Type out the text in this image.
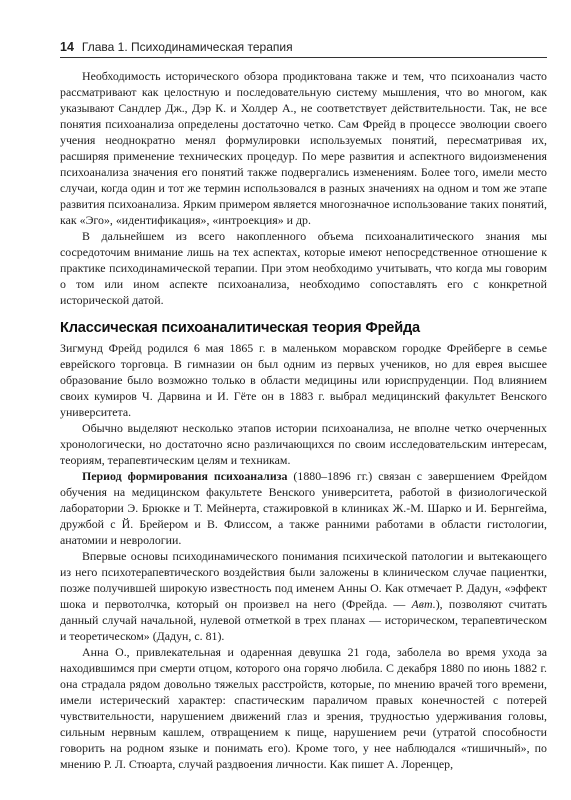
14 Глава 1. Психодинамическая терапия

Необходимость исторического обзора продиктована также и тем, что психоанализ часто рассматривают как целостную и последовательную систему мышления, что во многом, как указывают Сандлер Дж., Дэр К. и Холдер А., не соответствует действительности. Так, не все понятия психоанализа определены достаточно четко. Сам Фрейд в процессе эволюции своего учения неоднократно менял формулировки используемых понятий, пересматривая их, расширяя применение технических процедур. По мере развития и аспектного видоизменения психоанализа значения его понятий также подвергались изменениям. Более того, имели место случаи, когда один и тот же термин использовался в разных значениях на одном и том же этапе развития психоанализа. Ярким примером является многозначное использование таких понятий, как «Эго», «идентификация», «интроекция» и др.

В дальнейшем из всего накопленного объема психоаналитического знания мы сосредоточим внимание лишь на тех аспектах, которые имеют непосредственное отношение к практике психодинамической терапии. При этом необходимо учитывать, что когда мы говорим о том или ином аспекте психоанализа, необходимо сопоставлять его с конкретной исторической датой.

Классическая психоаналитическая теория Фрейда

Зигмунд Фрейд родился 6 мая 1865 г. в маленьком моравском городке Фрейберге в семье еврейского торговца. В гимназии он был одним из первых учеников, но для еврея высшее образование было возможно только в области медицины или юриспруденции. Под влиянием своих кумиров Ч. Дарвина и И. Гёте он в 1883 г. выбрал медицинский факультет Венского университета.

Обычно выделяют несколько этапов истории психоанализа, не вполне четко очерченных хронологически, но достаточно ясно различающихся по своим исследовательским интересам, теориям, терапевтическим целям и техникам.

Период формирования психоанализа (1880–1896 гг.) связан с завершением Фрейдом обучения на медицинском факультете Венского университета, работой в физиологической лаборатории Э. Брюкке и Т. Мейнерта, стажировкой в клиниках Ж.-М. Шарко и И. Бернгейма, дружбой с Й. Брейером и В. Флиссом, а также ранними работами в области гистологии, анатомии и неврологии.

Впервые основы психодинамического понимания психической патологии и вытекающего из него психотерапевтического воздействия были заложены в клиническом случае пациентки, позже получившей широкую известность под именем Анны О. Как отмечает Р. Дадун, «эффект шока и первотолчка, который он произвел на него (Фрейда. — Авт.), позволяют считать данный случай начальной, нулевой отметкой в трех планах — историческом, терапевтическом и теоретическом» (Дадун, с. 81).

Анна О., привлекательная и одаренная девушка 21 года, заболела во время ухода за находившимся при смерти отцом, которого она горячо любила. С декабря 1880 по июнь 1882 г. она страдала рядом довольно тяжелых расстройств, которые, по мнению врачей того времени, имели истерический характер: спастическим параличом правых конечностей с потерей чувствительности, нарушением движений глаз и зрения, трудностью удерживания головы, сильным нервным кашлем, отвращением к пище, нарушением речи (утратой способности говорить на родном языке и понимать его). Кроме того, у нее наблюдался «тишичный», по мнению Р. Л. Стюарта, случай раздвоения личности. Как пишет А. Лоренцер,
